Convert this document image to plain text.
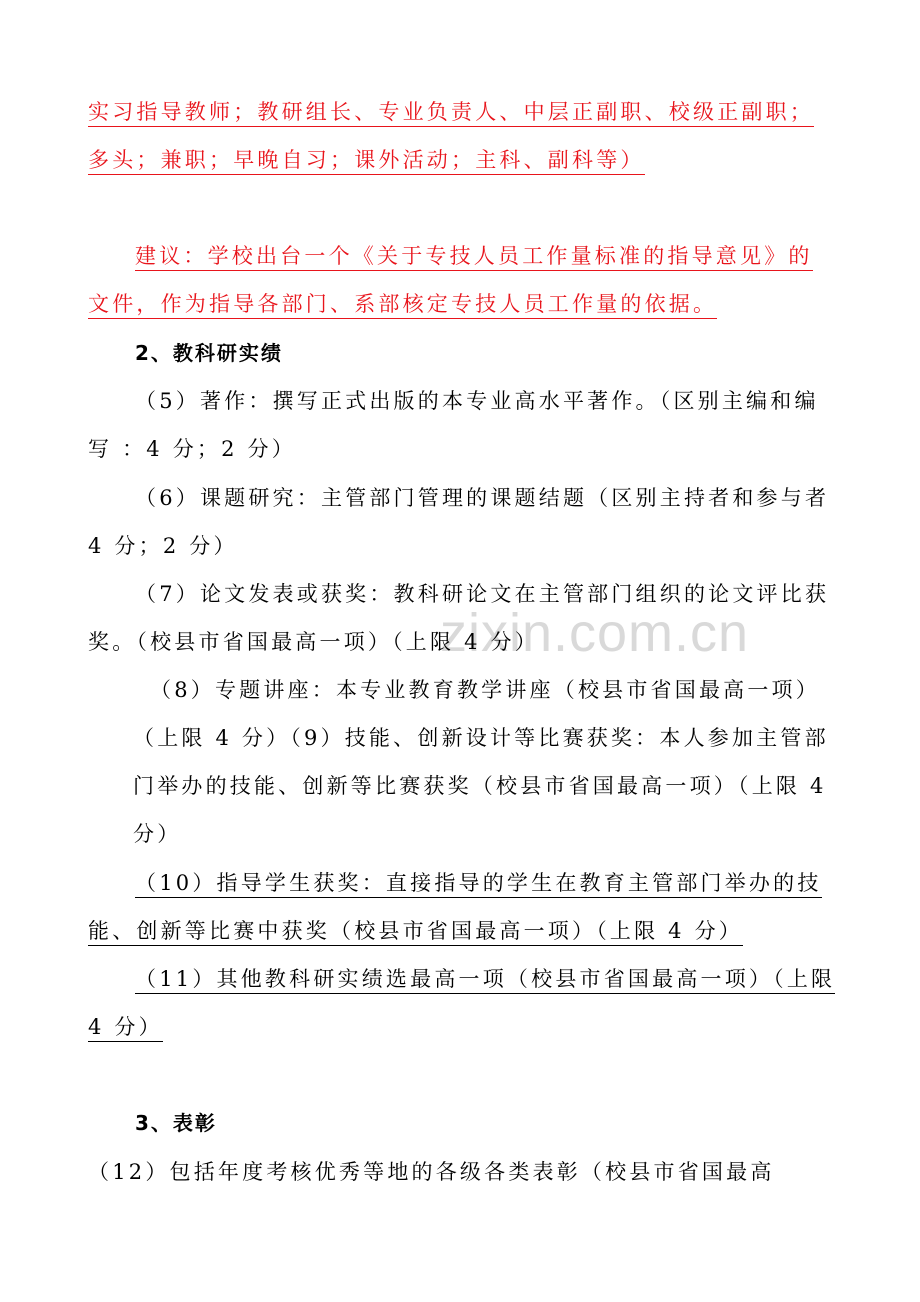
zixin.com.cn
实习指导教师；教研组长、专业负责人、中层正副职、校级正副职；
多头；兼职；早晚自习；课外活动；主科、副科等）
建议：学校出台一个《关于专技人员工作量标准的指导意见》的
文件，作为指导各部门、系部核定专技人员工作量的依据。
2、教科研实绩
（5）著作：撰写正式出版的本专业高水平著作。（区别主编和编
写 ：4 分；2 分）
（6）课题研究：主管部门管理的课题结题（区别主持者和参与者
4 分；2 分）
（7）论文发表或获奖：教科研论文在主管部门组织的论文评比获
奖。（校县市省国最高一项）（上限 4 分）
（8）专题讲座：本专业教育教学讲座（校县市省国最高一项）
（上限 4 分）（9）技能、创新设计等比赛获奖：本人参加主管部
门举办的技能、创新等比赛获奖（校县市省国最高一项）（上限 4
分）
（10）指导学生获奖：直接指导的学生在教育主管部门举办的技
能、创新等比赛中获奖（校县市省国最高一项）（上限 4 分）
（11）其他教科研实绩选最高一项（校县市省国最高一项）（上限
4 分）
3、表彰
（12）包括年度考核优秀等地的各级各类表彰（校县市省国最高
